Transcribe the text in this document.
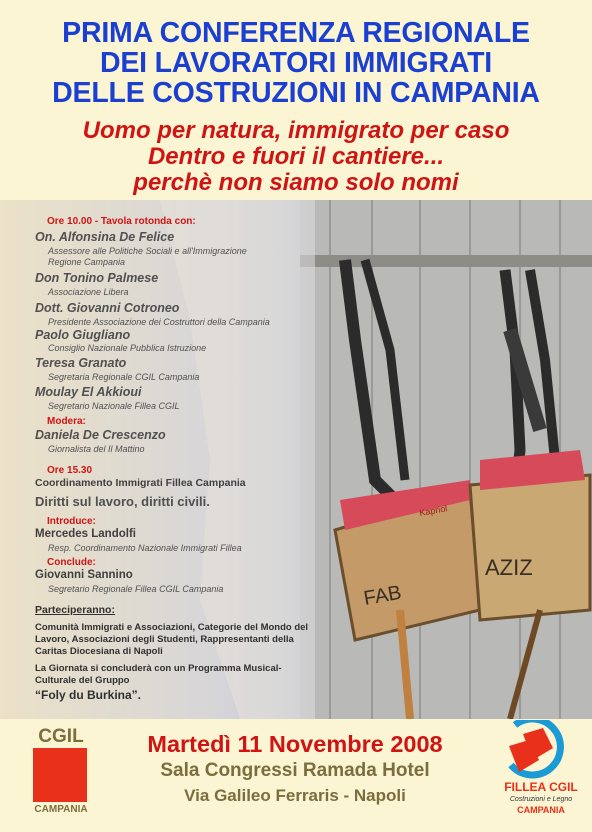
PRIMA CONFERENZA REGIONALE
DEI LAVORATORI IMMIGRATI
DELLE COSTRUZIONI IN CAMPANIA
Uomo per natura, immigrato per caso
Dentro e fuori il cantiere...
perchè non siamo solo nomi
FAB
AZIZ
Kapriol
Ore 10.00 - Tavola rotonda con:
On. Alfonsina De Felice
Assessore alle Politiche Sociali e all'Immigrazione
Regione Campania
Don Tonino Palmese
Associazione Libera
Dott. Giovanni Cotroneo
Presidente Associazione dei Costruttori della Campania
Paolo Giugliano
Consiglio Nazionale Pubblica Istruzione
Teresa Granato
Segretaria Regionale CGIL Campania
Moulay El Akkioui
Segretario Nazionale Fillea CGIL
Modera:
Daniela De Crescenzo
Giornalista del Il Mattino
Ore 15.30
Coordinamento Immigrati Fillea Campania
Diritti sul lavoro, diritti civili.
Introduce:
Mercedes Landolfi
Resp. Coordinamento Nazionale Immigrati Fillea
Conclude:
Giovanni Sannino
Segretario Regionale Fillea CGIL Campania
Parteciperanno:
Comunità Immigrati e Associazioni, Categorie del Mondo del Lavoro, Associazioni degli Studenti, Rappresentanti della Caritas Diocesiana di Napoli
La Giornata si concluderà con un Programma Musical-Culturale del Gruppo
“Foly du Burkina”.
Martedì 11 Novembre 2008
Sala Congressi Ramada Hotel
Via Galileo Ferraris - Napoli
CGIL
CAMPANIA
FILLEA CGIL
Costruzioni e Legno
CAMPANIA
